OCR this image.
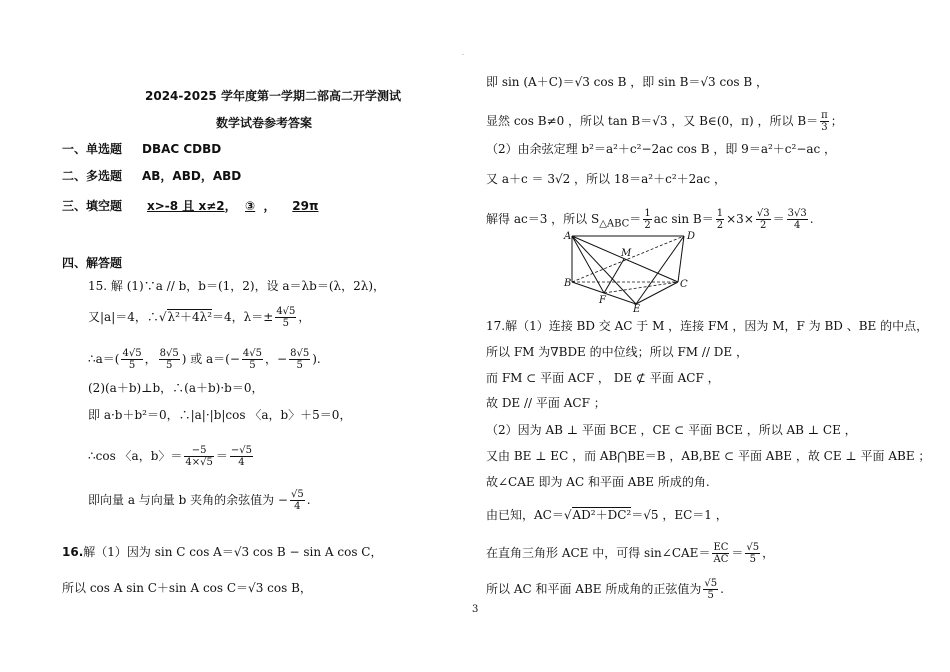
·
2024-2025 学年度第一学期二部高二开学测试
数学试卷参考答案
一、单选题 DBAC CDBD
二、多选题 AB，ABD，ABD
三、填空题 x>-8 且 x≠2， ③ ， 29π
四、解答题
15. 解 (1)∵a // b，b＝(1，2)，设 a＝λb＝(λ，2λ)，
又|a|＝4，∴√λ²＋4λ²＝4，$\lambda=\pm \frac{4√5}{5}$ ，
∴a＝( $\frac{4√5}{5}$ ， $\frac{8√5}{5}$ ) 或 $a=(- \frac{4√5}{5}$ ，− $\frac{8√5}{5}$ ).
(2)(a＋b)⊥b，∴(a＋b)·b＝0，
即 a·b＋b²＝0，∴|a|·|b|cos 〈a，b〉＋5＝0，
∴cos 〈a，b〉＝ $\frac{-5}{4\times√5} = \frac{-√5}{4}$
即向量 a 与向量 b 夹角的余弦值为 − $\frac{√5}{4}$ .
16.解（1）因为 sin C cos A＝√3 cos B − sin A cos C，
所以 cos A sin C＋sin A cos C＝√3 cos B，
即 sin (A＋C)＝√3 cos B ，即 sin B＝√3 cos B ，
显然 cos B≠0 ，所以 tan B＝√3 ，又 B∈(0，π) ，所以 $B= \frac{\pi}{3}$ ；
（2）由余弦定理 b²＝a²＋c²−2ac cos B ，即 9＝a²＋c²−ac ，
又 a＋c ＝ 3√2 ，所以 18＝a²＋c²＋2ac ，
解得 ac＝3 ，所以 $S_{\triangle ABC}= \frac{1}{2}$ ac $\sin B= \frac{1}{2} \times 3\times \frac{√3}{2} = \frac{3√3}{4}$ .
A	D
M
B	C
F
E
17.解（1）连接 BD 交 AC 于 M ，连接 FM ，因为 M，F 为 BD 、BE 的中点，
所以 FM 为∇BDE 的中位线；所以 FM // DE ，
而 FM ⊂ 平面 ACF ， DE ⊄ 平面 ACF ，
故 DE // 平面 ACF ；
（2）因为 AB ⊥ 平面 BCE ，CE ⊂ 平面 BCE ，所以 AB ⊥ CE ，
又由 BE ⊥ EC ，而 AB⋂BE＝B ，AB,BE ⊂ 平面 ABE ，故 CE ⊥ 平面 ABE ；
故∠CAE 即为 AC 和平面 ABE 所成的角.
由已知，AC＝√AD²＋DC²＝√5 ，EC＝1 ，
在直角三角形 ACE 中，可得 sin∠CAE＝ $\frac{EC}{AC} = \frac{√5}{5}$ ，
所以 AC 和平面 ABE 所成角的正弦值为 $\frac{√5}{5}$ .
3
